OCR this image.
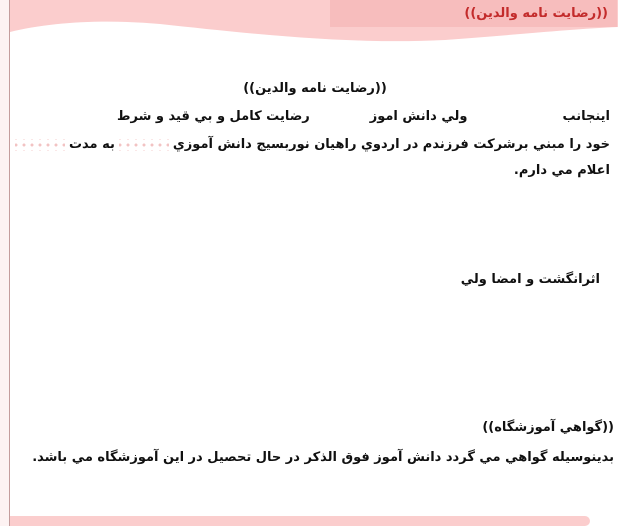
((رضايت نامه والدين))
((رضايت نامه والدين))
اينجانبولي دانش اموزرضايت كامل و بي قيد و شرط
خود را مبني برشركت فرزندم در اردوي راهيان نوربسيج دانش آموزيبه مدت
اعلام مي دارم.
اثرانگشت و امضا ولي
((گواهي آموزشگاه))
بدينوسيله گواهي مي گردد دانش آموز فوق الذكر در حال تحصيل در اين آموزشگاه مي باشد.
